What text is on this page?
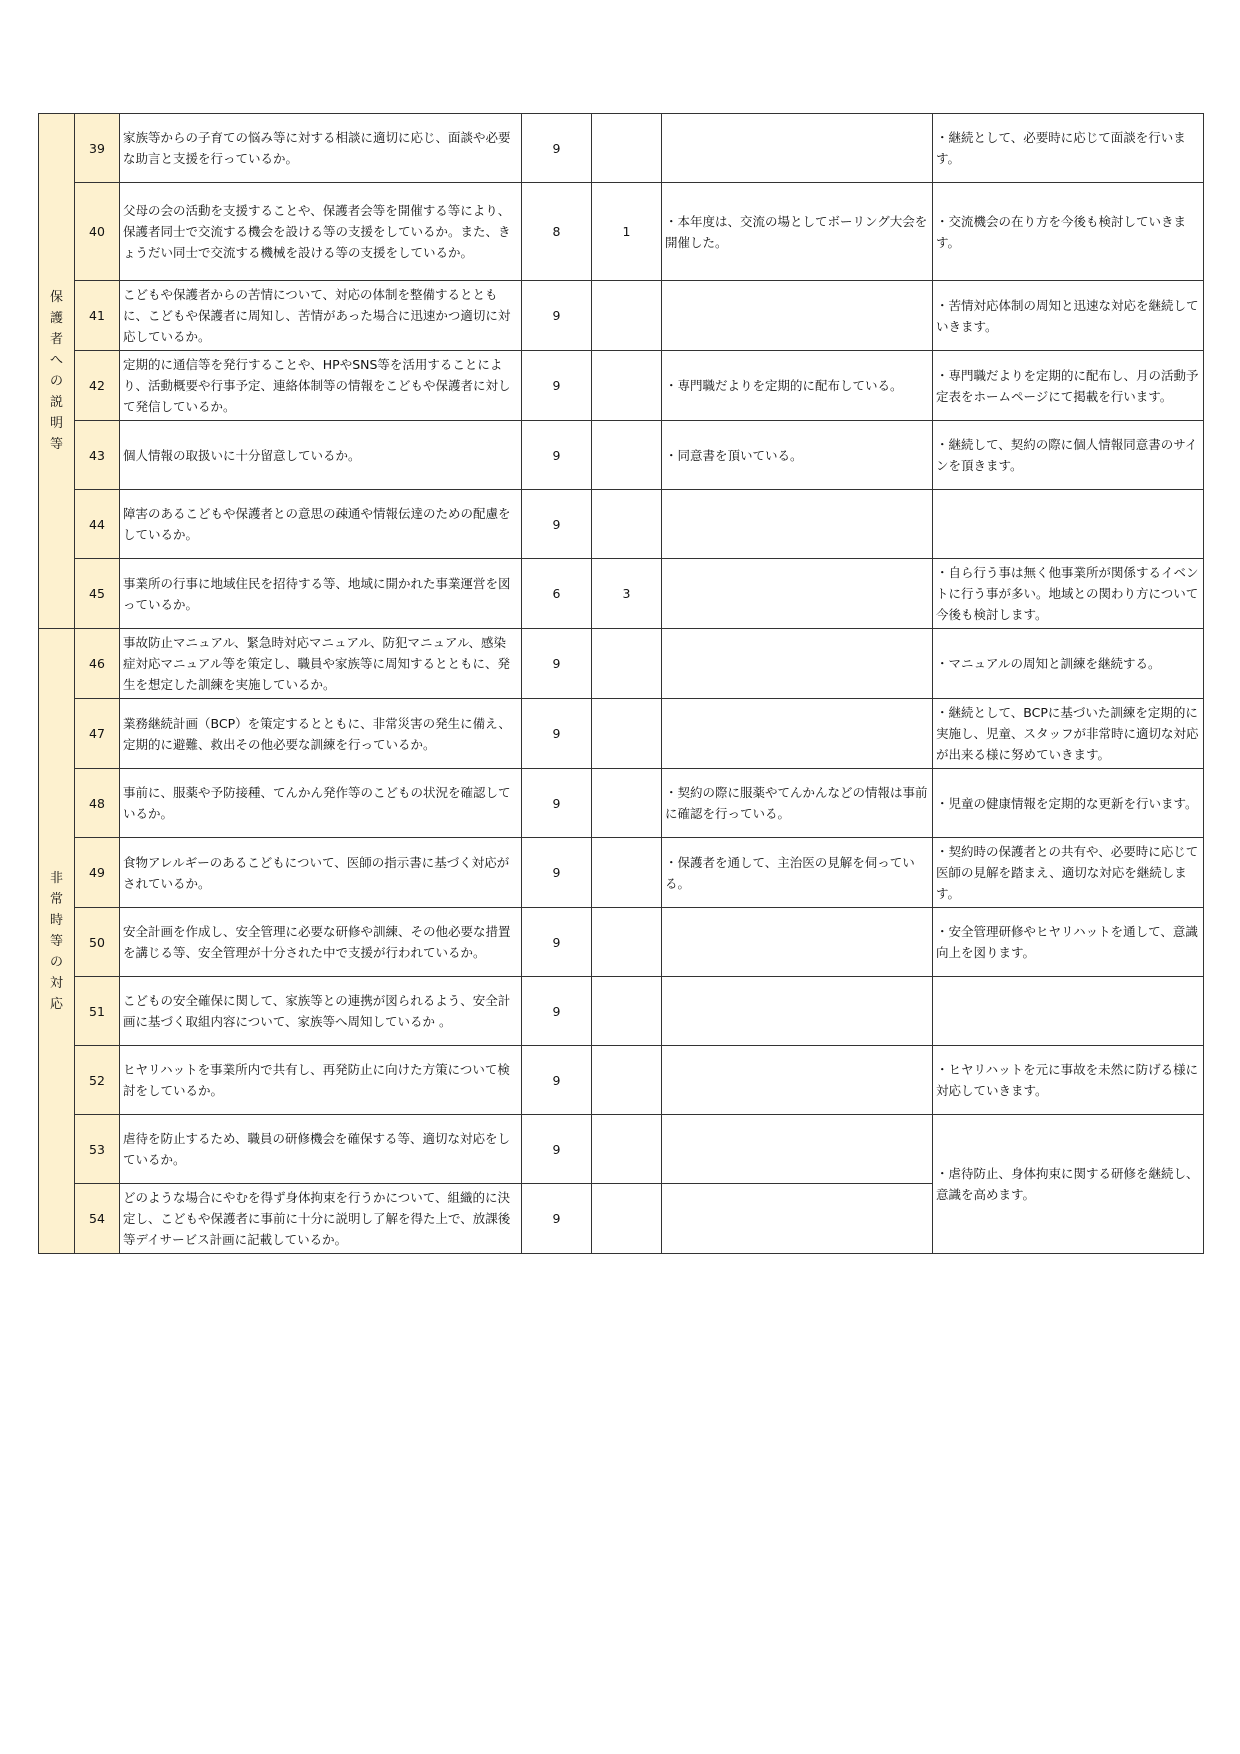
保護者への説明等	39	家族等からの子育ての悩み等に対する相談に適切に応じ、面談や必要な助言と支援を行っているか。	9			・継続として、必要時に応じて面談を行います。
	40	父母の会の活動を支援することや、保護者会等を開催する等により、保護者同士で交流する機会を設ける等の支援をしているか。また、きょうだい同士で交流する機械を設ける等の支援をしているか。	8	1	・本年度は、交流の場としてボーリング大会を開催した。	・交流機会の在り方を今後も検討していきます。
	41	こどもや保護者からの苦情について、対応の体制を整備するとともに、こどもや保護者に周知し、苦情があった場合に迅速かつ適切に対応しているか。	9			・苦情対応体制の周知と迅速な対応を継続していきます。
	42	定期的に通信等を発行することや、HPやSNS等を活用することにより、活動概要や行事予定、連絡体制等の情報をこどもや保護者に対して発信しているか。	9		・専門職だよりを定期的に配布している。	・専門職だよりを定期的に配布し、月の活動予定表をホームページにて掲載を行います。
	43	個人情報の取扱いに十分留意しているか。	9		・同意書を頂いている。	・継続して、契約の際に個人情報同意書のサインを頂きます。
	44	障害のあるこどもや保護者との意思の疎通や情報伝達のための配慮をしているか。	9			
	45	事業所の行事に地域住民を招待する等、地域に開かれた事業運営を図っているか。	6	3		・自ら行う事は無く他事業所が関係するイベントに行う事が多い。地域との関わり方について今後も検討します。
非常時等の対応	46	事故防止マニュアル、緊急時対応マニュアル、防犯マニュアル、感染症対応マニュアル等を策定し、職員や家族等に周知するとともに、発生を想定した訓練を実施しているか。	9			・マニュアルの周知と訓練を継続する。
	47	業務継続計画（BCP）を策定するとともに、非常災害の発生に備え、定期的に避難、救出その他必要な訓練を行っているか。	9			・継続として、BCPに基づいた訓練を定期的に実施し、児童、スタッフが非常時に適切な対応が出来る様に努めていきます。
	48	事前に、服薬や予防接種、てんかん発作等のこどもの状況を確認しているか。	9		・契約の際に服薬やてんかんなどの情報は事前に確認を行っている。	・児童の健康情報を定期的な更新を行います。
	49	食物アレルギーのあるこどもについて、医師の指示書に基づく対応がされているか。	9		・保護者を通して、主治医の見解を伺っている。	・契約時の保護者との共有や、必要時に応じて医師の見解を踏まえ、適切な対応を継続します。
	50	安全計画を作成し、安全管理に必要な研修や訓練、その他必要な措置を講じる等、安全管理が十分された中で支援が行われているか。	9			・安全管理研修やヒヤリハットを通して、意識向上を図ります。
	51	こどもの安全確保に関して、家族等との連携が図られるよう、安全計画に基づく取組内容について、家族等へ周知しているか 。	9			
	52	ヒヤリハットを事業所内で共有し、再発防止に向けた方策について検討をしているか。	9			・ヒヤリハットを元に事故を未然に防げる様に対応していきます。
	53	虐待を防止するため、職員の研修機会を確保する等、適切な対応をしているか。	9			・虐待防止、身体拘束に関する研修を継続し、意識を高めます。
	54	どのような場合にやむを得ず身体拘束を行うかについて、組織的に決定し、こどもや保護者に事前に十分に説明し了解を得た上で、放課後等デイサービス計画に記載しているか。	9			
